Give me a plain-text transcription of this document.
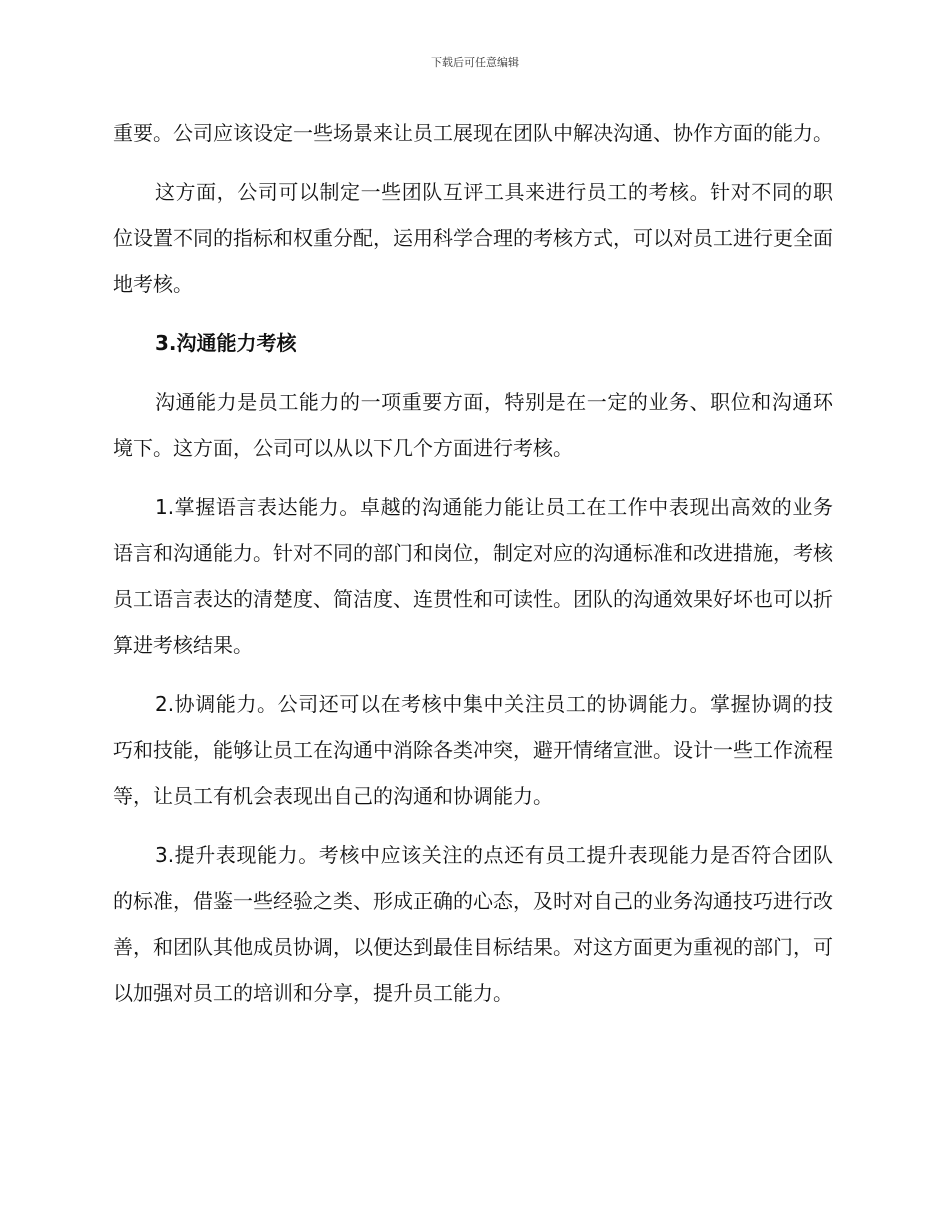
下载后可任意编辑

重要。公司应该设定一些场景来让员工展现在团队中解决沟通、协作方面的能力。

这方面，公司可以制定一些团队互评工具来进行员工的考核。针对不同的职位设置不同的指标和权重分配，运用科学合理的考核方式，可以对员工进行更全面地考核。

3.沟通能力考核

沟通能力是员工能力的一项重要方面，特别是在一定的业务、职位和沟通环境下。这方面，公司可以从以下几个方面进行考核。

1.掌握语言表达能力。卓越的沟通能力能让员工在工作中表现出高效的业务语言和沟通能力。针对不同的部门和岗位，制定对应的沟通标准和改进措施，考核员工语言表达的清楚度、简洁度、连贯性和可读性。团队的沟通效果好坏也可以折算进考核结果。

2.协调能力。公司还可以在考核中集中关注员工的协调能力。掌握协调的技巧和技能，能够让员工在沟通中消除各类冲突，避开情绪宣泄。设计一些工作流程等，让员工有机会表现出自己的沟通和协调能力。

3.提升表现能力。考核中应该关注的点还有员工提升表现能力是否符合团队的标准，借鉴一些经验之类、形成正确的心态，及时对自己的业务沟通技巧进行改善，和团队其他成员协调，以便达到最佳目标结果。对这方面更为重视的部门，可以加强对员工的培训和分享，提升员工能力。
